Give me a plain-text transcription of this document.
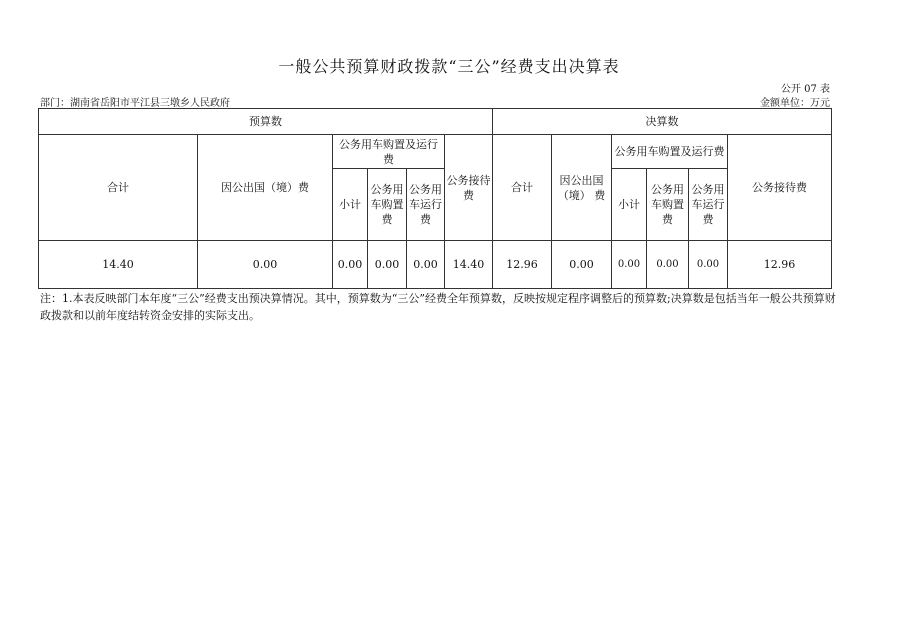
一般公共预算财政拨款“三公”经费支出决算表
公开 07 表
部门：湖南省岳阳市平江县三墩乡人民政府	金额单位：万元
预算数						决算数					
合计	因公出国（境）费	公务用车购置及运行费			公务接待费	合计	因公出国（境） 费	公务用车购置及运行费			公务接待费
		小计	公务用车购置费	公务用车运行费				小计	公务用车购置费	公务用车运行费	
14.40	0.00	0.00	0.00	0.00	14.40	12.96	0.00	0.00	0.00	0.00	12.96
注：1.本表反映部门本年度“三公”经费支出预决算情况。其中，预算数为“三公”经费全年预算数，反映按规定程序调整后的预算数;决算数是包括当年一般公共预算财政拨款和以前年度结转资金安排的实际支出。
